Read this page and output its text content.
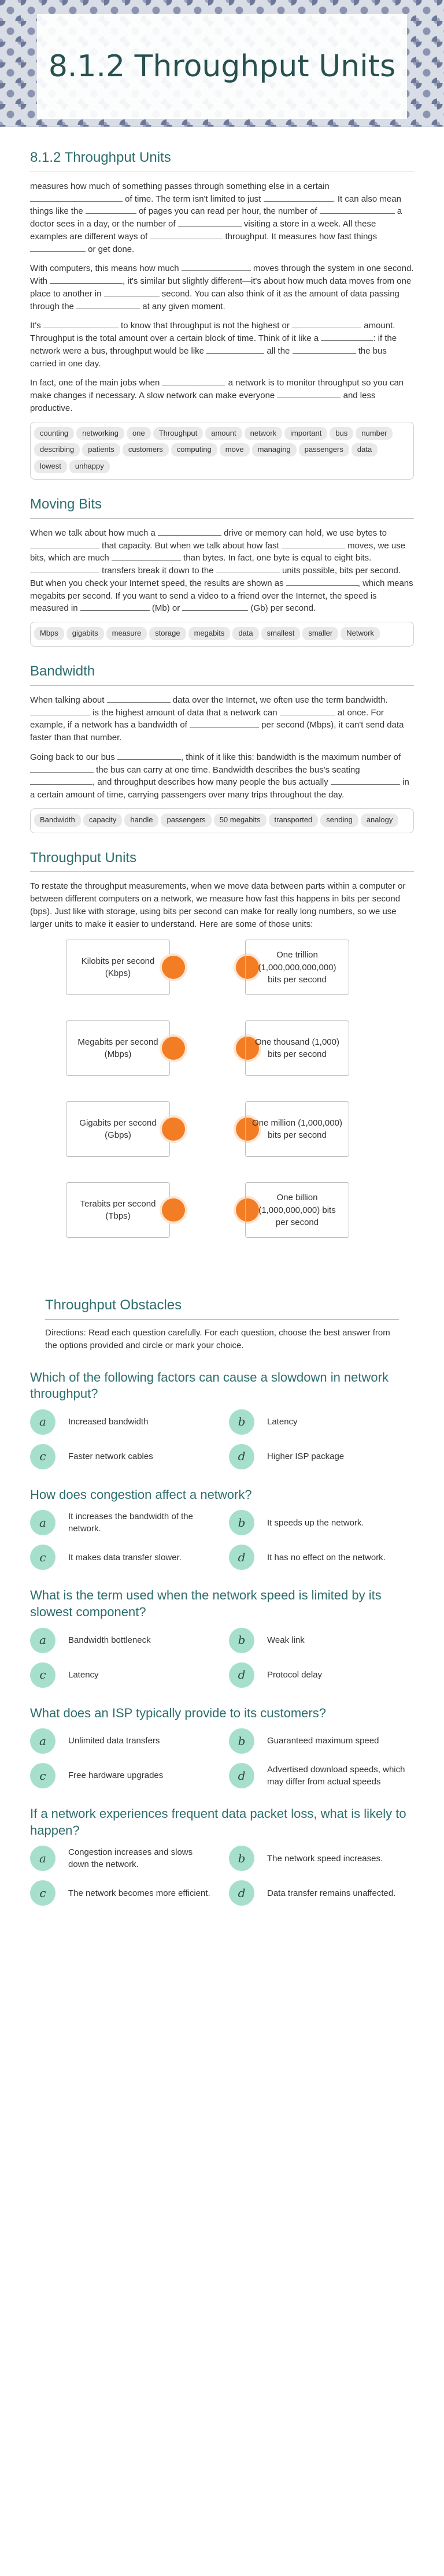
8.1.2 Throughput Units
8.1.2 Throughput Units

measures how much of something passes through something else in a certain  of time. The term isn't limited to just	. It can also mean things like the	of pages you can read per hour, the number of	a doctor sees in a day, or the number of	visiting a store in a week. All these examples are different ways of	throughput. It measures how fast things  or get done.

With computers, this means how much	moves through the system in one second. With	, it's similar but slightly different—it's about how much data moves from one place to another in	second. You can also think of it as the amount of data passing through the	at any given moment.

It's	to know that throughput is not the highest or	amount. Throughput is the total amount over a certain block of time. Think of it like a	: if the network were a bus, throughput would be like	all the	the bus carried in one day.

In fact, one of the main jobs when	a network is to monitor throughput so you can make changes if necessary. A slow network can make everyone	and less productive.

counting networking one Throughput amount network important bus numberdescribing patients customers computing move managing passengers datalowest unhappy
Moving Bits

When we talk about how much a	drive or memory can hold, we use bytes to  that capacity. But when we talk about how fast	moves, we use bits, which are much	than bytes. In fact, one byte is equal to eight bits.  transfers break it down to the	units possible, bits per second. But when you check your Internet speed, the results are shown as	, which means megabits per second. If you want to send a video to a friend over the Internet, the speed is measured in	(Mb) or	(Gb) per second.

Mbps gigabits measure storage megabits data smallest smaller Network
Bandwidth

When talking about	data over the Internet, we often use the term bandwidth.  is the highest amount of data that a network can	at once. For example, if a network has a bandwidth of	per second (Mbps), it can't send data faster than that number.

Going back to our bus	, think of it like this: bandwidth is the maximum number of  the bus can carry at one time. Bandwidth describes the bus's seating , and throughput describes how many people the bus actually	in a certain amount of time, carrying passengers over many trips throughout the day.

Bandwidth capacity handle passengers 50 megabits transported sending analogy
Throughput Units

To restate the throughput measurements, when we move data between parts within a computer or between different computers on a network, we measure how fast this happens in bits per second (bps). Just like with storage, using bits per second can make for really long numbers, so we use larger units to make it easier to understand. Here are some of those units:

Kilobits per second (Kbps)
Megabits per second (Mbps)
Gigabits per second (Gbps)
Terabits per second (Tbps)
One trillion (1,000,000,000,000) bits per second
One thousand (1,000) bits per second
One million (1,000,000) bits per second
One billion (1,000,000,000) bits per second
Throughput Obstacles

Directions: Read each question carefully. For each question, choose the best answer from the options provided and circle or mark your choice.

Which of the following factors can cause a slowdown in network throughput?
a	Increased bandwidth	b	Latency
c	Faster network cables	d	Higher ISP package
How does congestion affect a network?
a	It increases the bandwidth of the network.	b	It speeds up the network.
c	It makes data transfer slower.	d	It has no effect on the network.
What is the term used when the network speed is limited by its slowest component?
a	Bandwidth bottleneck	b	Weak link
c	Latency	d	Protocol delay
What does an ISP typically provide to its customers?
a	Unlimited data transfers	b	Guaranteed maximum speed
c	Free hardware upgrades	d	Advertised download speeds, which may differ from actual speeds
If a network experiences frequent data packet loss, what is likely to happen?
a	Congestion increases and slows down the network.	b	The network speed increases.
c	The network becomes more efficient.	d	Data transfer remains unaffected.
